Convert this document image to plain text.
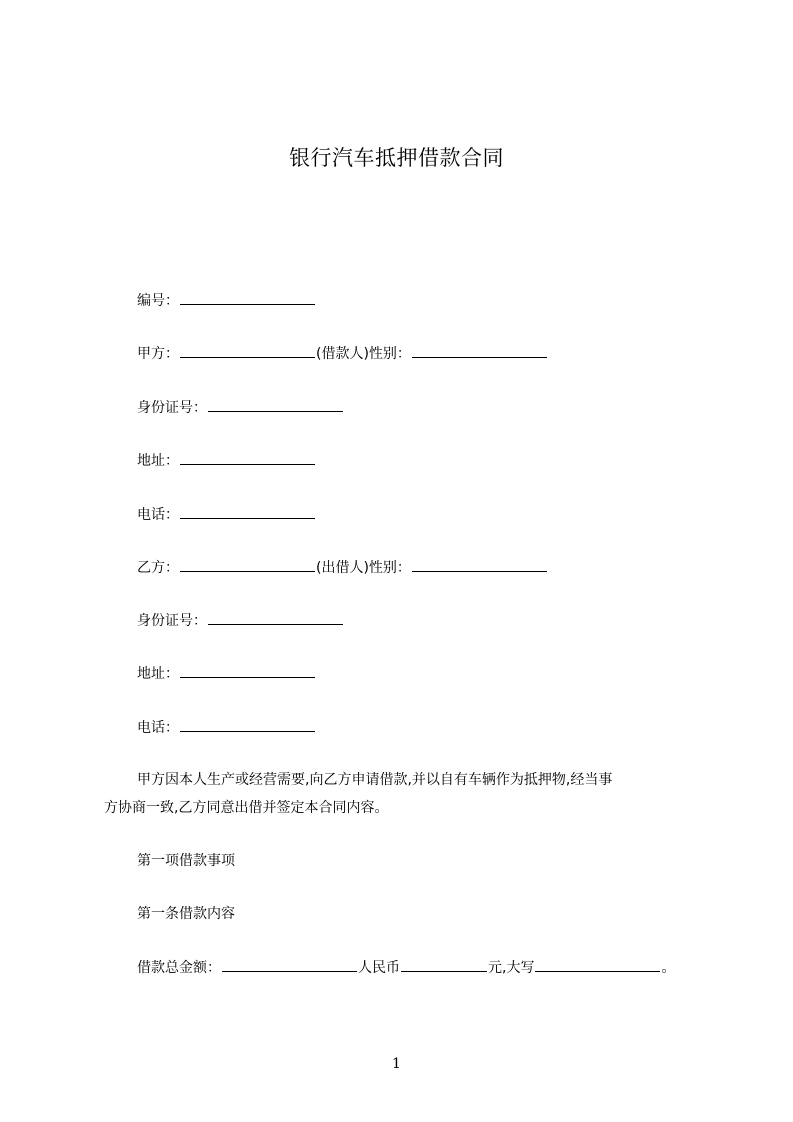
银行汽车抵押借款合同
编号：
甲方：	(借款人)性别：
身份证号：
地址：
电话：
乙方：	(出借人)性别：
身份证号：
地址：
电话：
甲方因本人生产或经营需要,向乙方申请借款,并以自有车辆作为抵押物,经当事
方协商一致,乙方同意出借并签定本合同内容。
第一项借款事项
第一条借款内容
借款总金额：	人民币	元,大写	。
1
